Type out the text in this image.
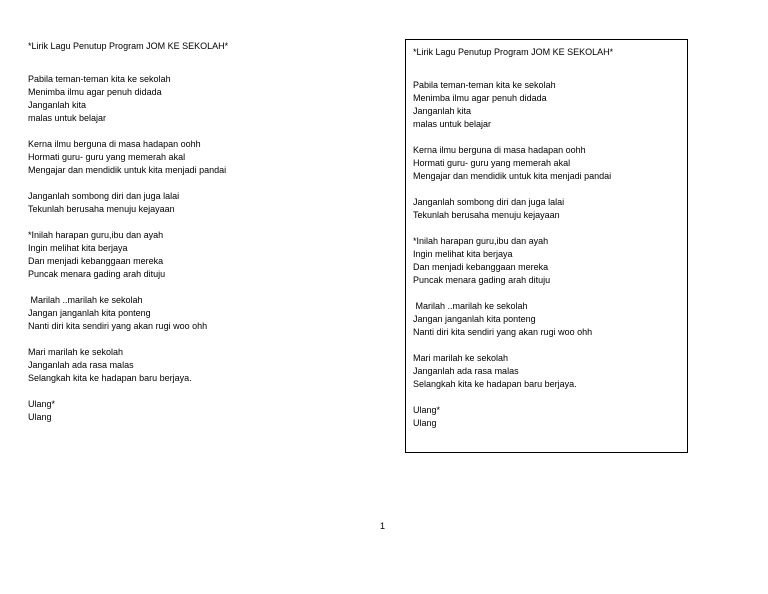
*Lirik Lagu Penutup Program JOM KE SEKOLAH*
Pabila teman-teman kita ke sekolah
Menimba ilmu agar penuh didada
Janganlah kita
malas untuk belajar
Kerna ilmu berguna di masa hadapan oohh
Hormati guru- guru yang memerah akal
Mengajar dan mendidik untuk kita menjadi pandai
Janganlah sombong diri dan juga lalai
Tekunlah berusaha menuju kejayaan
*Inilah harapan guru,ibu dan ayah
Ingin melihat kita berjaya
Dan menjadi kebanggaan mereka
Puncak menara gading arah dituju
Marilah ..marilah ke sekolah
Jangan janganlah kita ponteng
Nanti diri kita sendiri yang akan rugi woo ohh
Mari marilah ke sekolah
Janganlah ada rasa malas
Selangkah kita ke hadapan baru berjaya.
Ulang*
Ulang
*Lirik Lagu Penutup Program JOM KE SEKOLAH*
Pabila teman-teman kita ke sekolah
Menimba ilmu agar penuh didada
Janganlah kita
malas untuk belajar
Kerna ilmu berguna di masa hadapan oohh
Hormati guru- guru yang memerah akal
Mengajar dan mendidik untuk kita menjadi pandai
Janganlah sombong diri dan juga lalai
Tekunlah berusaha menuju kejayaan
*Inilah harapan guru,ibu dan ayah
Ingin melihat kita berjaya
Dan menjadi kebanggaan mereka
Puncak menara gading arah dituju
Marilah ..marilah ke sekolah
Jangan janganlah kita ponteng
Nanti diri kita sendiri yang akan rugi woo ohh
Mari marilah ke sekolah
Janganlah ada rasa malas
Selangkah kita ke hadapan baru berjaya.
Ulang*
Ulang
1
